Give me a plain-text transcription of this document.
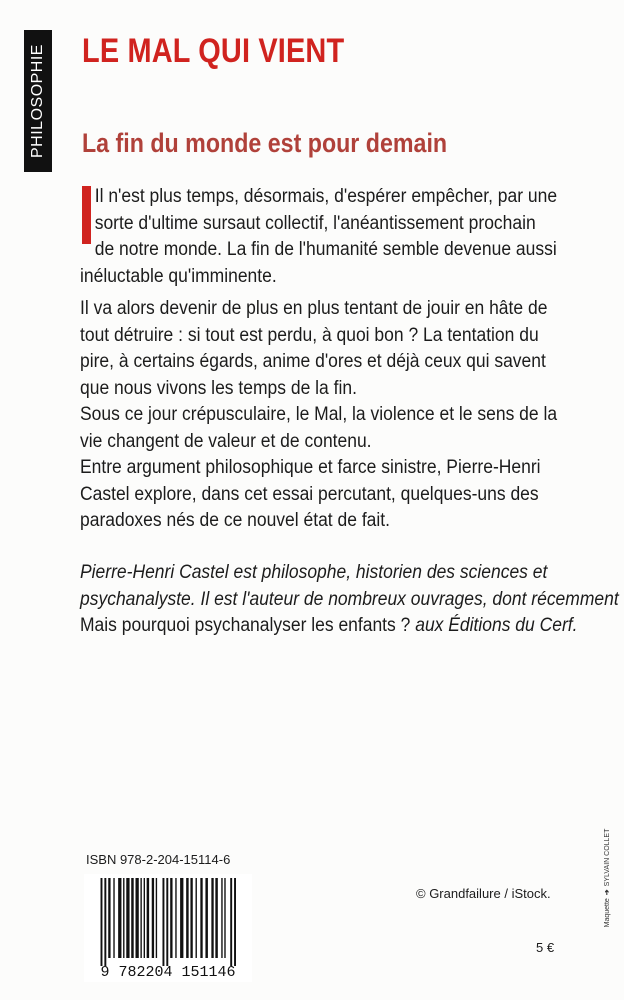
PHILOSOPHIE LE MAL QUI VIENT
La fin du monde est pour demain

Il n'est plus temps, désormais, d'espérer empêcher, par une

sorte d'ultime sursaut collectif, l'anéantissement prochain

de notre monde. La fin de l'humanité semble devenue aussi

inéluctable qu'imminente.

Il va alors devenir de plus en plus tentant de jouir en hâte de

tout détruire : si tout est perdu, à quoi bon ? La tentation du

pire, à certains égards, anime d'ores et déjà ceux qui savent

que nous vivons les temps de la fin.

Sous ce jour crépusculaire, le Mal, la violence et le sens de la

vie changent de valeur et de contenu.

Entre argument philosophique et farce sinistre, Pierre-Henri

Castel explore, dans cet essai percutant, quelques-uns des

paradoxes nés de ce nouvel état de fait.

Pierre-Henri Castel est philosophe, historien des sciences et

psychanalyste. Il est l'auteur de nombreux ouvrages, dont récemment

Mais pourquoi psychanalyser les enfants ? aux Éditions du Cerf.

ISBN 978-2-204-15114-6

9 782204 151146

© Grandfailure / iStock.

5 €

Maquette➔SYLVAIN COLLET
